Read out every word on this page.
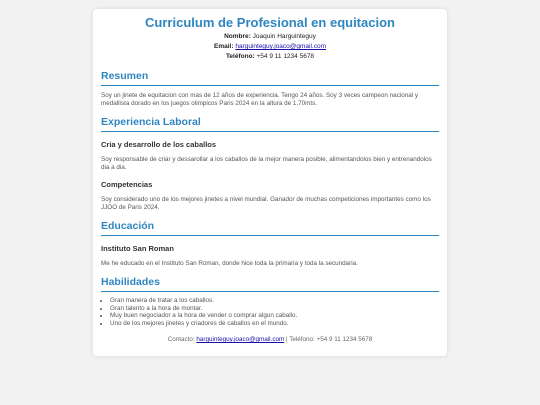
Curriculum de Profesional en equitacion
Nombre: Joaquin Harguinteguy
Email: harguinteguy.joaco@gmail.com
Teléfono: +54 9 11 1234 5678
Resumen

Soy un jinete de equitacion con mas de 12 años de experiencia. Tengo 24 años. Soy 3 veces campeon nacional y medallista dorado en los juegos olimpicos Paris 2024 en la altura de 1.70mts.

Experiencia Laboral
Cria y desarrollo de los caballos

Soy responsable de criar y dessarollar a los caballos de la mejor manera posible, alimentandolos bien y entrenandolos dia a dia.

Competencias

Soy considerado uno de los mejores jinetes a nivel mundial. Ganador de muchas competiciones importantes como los JJOO de Paris 2024.

Educación
Instituto San Roman

Me he educado en el Instituto San Roman, donde hice toda la primaria y toda la secundaria.

Habilidades
• Gran manera de tratar a los caballos.
• Gran talento a la hora de montar.
• Muy buen negociador a la hora de vender o comprar algun caballo.
• Uno de los mejores jinetes y criadores de caballos en el mundo.
Contacto: harguinteguy.joaco@gmail.com | Teléfono: +54 9 11 1234 5678
